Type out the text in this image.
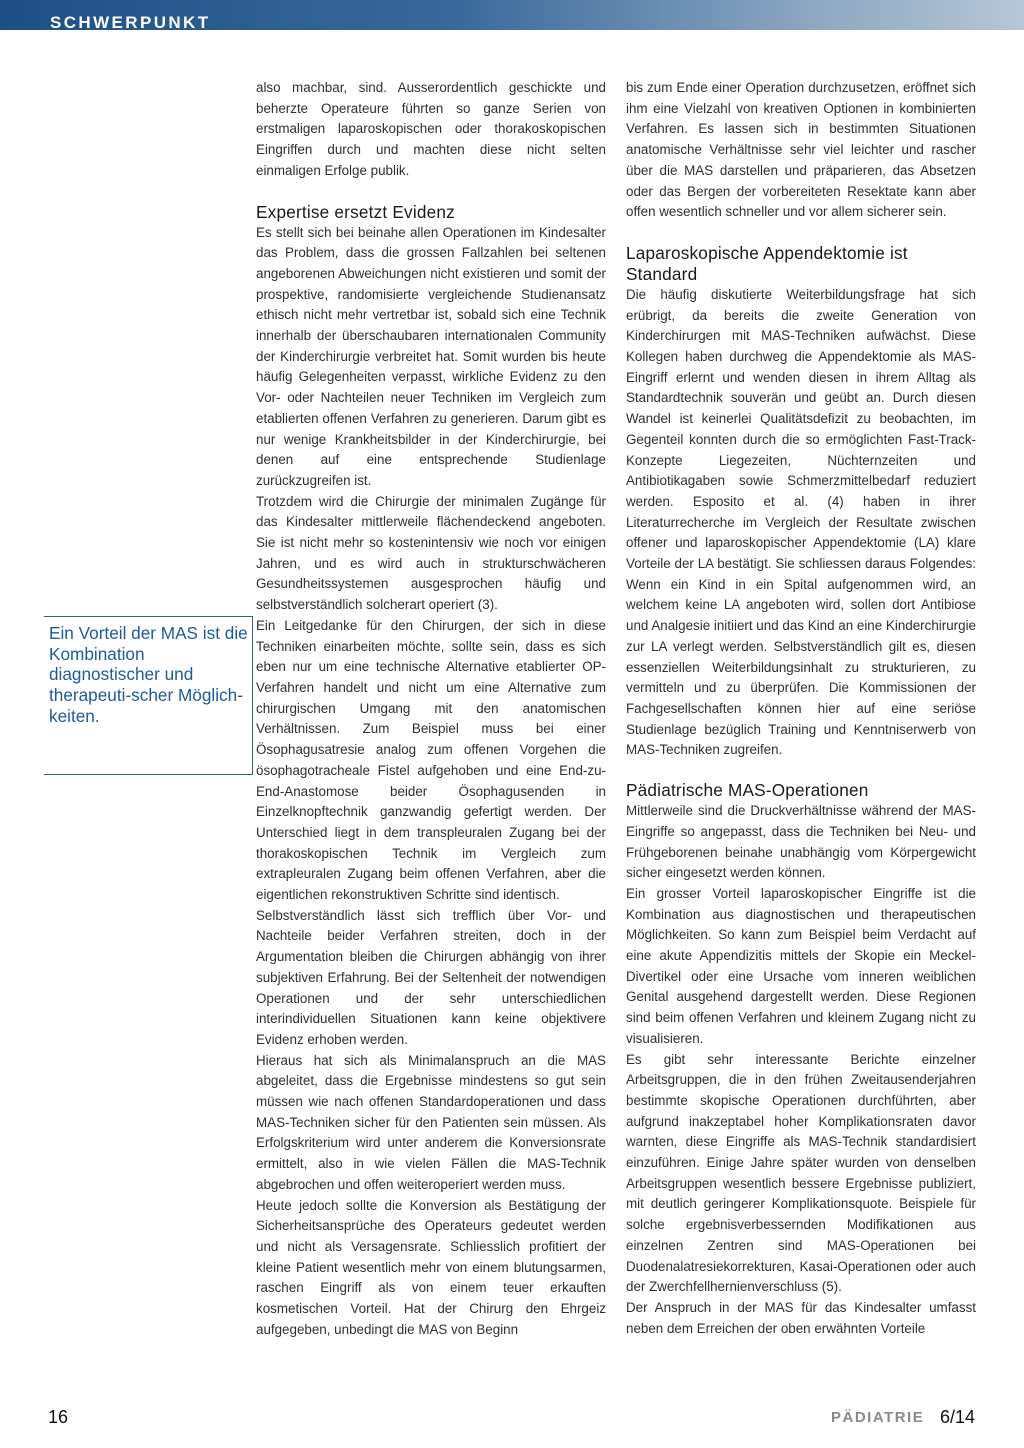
SCHWERPUNKT
Ein Vorteil der MAS ist die Kombination diagnostischer und therapeuti-scher Möglich-keiten.

also machbar, sind. Ausserordentlich geschickte und beherzte Operateure führten so ganze Serien von erstmaligen laparoskopischen oder thorakoskopischen Eingriffen durch und machten diese nicht selten einmaligen Erfolge publik.

Expertise ersetzt Evidenz

Es stellt sich bei beinahe allen Operationen im Kindesalter das Problem, dass die grossen Fallzahlen bei seltenen angeborenen Abweichungen nicht existieren und somit der prospektive, randomisierte vergleichende Studienansatz ethisch nicht mehr vertretbar ist, sobald sich eine Technik innerhalb der überschaubaren internationalen Community der Kinderchirurgie verbreitet hat. Somit wurden bis heute häufig Gelegenheiten verpasst, wirkliche Evidenz zu den Vor- oder Nachteilen neuer Techniken im Vergleich zum etablierten offenen Verfahren zu generieren. Darum gibt es nur wenige Krankheitsbilder in der Kinderchirurgie, bei denen auf eine entsprechende Studienlage zurückzugreifen ist.

Trotzdem wird die Chirurgie der minimalen Zugänge für das Kindesalter mittlerweile flächendeckend angeboten. Sie ist nicht mehr so kostenintensiv wie noch vor einigen Jahren, und es wird auch in strukturschwächeren Gesundheitssystemen ausgesprochen häufig und selbstverständlich solcherart operiert (3).

Ein Leitgedanke für den Chirurgen, der sich in diese Techniken einarbeiten möchte, sollte sein, dass es sich eben nur um eine technische Alternative etablierter OP-Verfahren handelt und nicht um eine Alternative zum chirurgischen Umgang mit den anatomischen Verhältnissen. Zum Beispiel muss bei einer Ösophagusatresie analog zum offenen Vorgehen die ösophagotracheale Fistel aufgehoben und eine End-zu-End-Anastomose beider Ösophagusenden in Einzelknopftechnik ganzwandig gefertigt werden. Der Unterschied liegt in dem transpleuralen Zugang bei der thorakoskopischen Technik im Vergleich zum extrapleuralen Zugang beim offenen Verfahren, aber die eigentlichen rekonstruktiven Schritte sind identisch.

Selbstverständlich lässt sich trefflich über Vor- und Nachteile beider Verfahren streiten, doch in der Argumentation bleiben die Chirurgen abhängig von ihrer subjektiven Erfahrung. Bei der Seltenheit der notwendigen Operationen und der sehr unterschiedlichen interindividuellen Situationen kann keine objektivere Evidenz erhoben werden.

Hieraus hat sich als Minimalanspruch an die MAS abgeleitet, dass die Ergebnisse mindestens so gut sein müssen wie nach offenen Standardoperationen und dass MAS-Techniken sicher für den Patienten sein müssen. Als Erfolgskriterium wird unter anderem die Konversionsrate ermittelt, also in wie vielen Fällen die MAS-Technik abgebrochen und offen weiteroperiert werden muss.

Heute jedoch sollte die Konversion als Bestätigung der Sicherheitsansprüche des Operateurs gedeutet werden und nicht als Versagensrate. Schliesslich profitiert der kleine Patient wesentlich mehr von einem blutungsarmen, raschen Eingriff als von einem teuer erkauften kosmetischen Vorteil. Hat der Chirurg den Ehrgeiz aufgegeben, unbedingt die MAS von Beginn

bis zum Ende einer Operation durchzusetzen, eröffnet sich ihm eine Vielzahl von kreativen Optionen in kombinierten Verfahren. Es lassen sich in bestimmten Situationen anatomische Verhältnisse sehr viel leichter und rascher über die MAS darstellen und präparieren, das Absetzen oder das Bergen der vorbereiteten Resektate kann aber offen wesentlich schneller und vor allem sicherer sein.

Laparoskopische Appendektomie ist Standard

Die häufig diskutierte Weiterbildungsfrage hat sich erübrigt, da bereits die zweite Generation von Kinderchirurgen mit MAS-Techniken aufwächst. Diese Kollegen haben durchweg die Appendektomie als MAS-Eingriff erlernt und wenden diesen in ihrem Alltag als Standardtechnik souverän und geübt an. Durch diesen Wandel ist keinerlei Qualitätsdefizit zu beobachten, im Gegenteil konnten durch die so ermöglichten Fast-Track-Konzepte Liegezeiten, Nüchternzeiten und Antibiotikagaben sowie Schmerzmittelbedarf reduziert werden. Esposito et al. (4) haben in ihrer Literaturrecherche im Vergleich der Resultate zwischen offener und laparoskopischer Appendektomie (LA) klare Vorteile der LA bestätigt. Sie schliessen daraus Folgendes: Wenn ein Kind in ein Spital aufgenommen wird, an welchem keine LA angeboten wird, sollen dort Antibiose und Analgesie initiiert und das Kind an eine Kinderchirurgie zur LA verlegt werden. Selbstverständlich gilt es, diesen essenziellen Weiterbildungsinhalt zu strukturieren, zu vermitteln und zu überprüfen. Die Kommissionen der Fachgesellschaften können hier auf eine seriöse Studienlage bezüglich Training und Kenntniserwerb von MAS-Techniken zugreifen.

Pädiatrische MAS-Operationen

Mittlerweile sind die Druckverhältnisse während der MAS-Eingriffe so angepasst, dass die Techniken bei Neu- und Frühgeborenen beinahe unabhängig vom Körpergewicht sicher eingesetzt werden können.

Ein grosser Vorteil laparoskopischer Eingriffe ist die Kombination aus diagnostischen und therapeutischen Möglichkeiten. So kann zum Beispiel beim Verdacht auf eine akute Appendizitis mittels der Skopie ein Meckel-Divertikel oder eine Ursache vom inneren weiblichen Genital ausgehend dargestellt werden. Diese Regionen sind beim offenen Verfahren und kleinem Zugang nicht zu visualisieren.

Es gibt sehr interessante Berichte einzelner Arbeitsgruppen, die in den frühen Zweitausenderjahren bestimmte skopische Operationen durchführten, aber aufgrund inakzeptabel hoher Komplikationsraten davor warnten, diese Eingriffe als MAS-Technik standardisiert einzuführen. Einige Jahre später wurden von denselben Arbeitsgruppen wesentlich bessere Ergebnisse publiziert, mit deutlich geringerer Komplikationsquote. Beispiele für solche ergebnisverbessernden Modifikationen aus einzelnen Zentren sind MAS-Operationen bei Duodenalatresiekorrekturen, Kasai-Operationen oder auch der Zwerchfellhernienverschluss (5).

Der Anspruch in der MAS für das Kindesalter umfasst neben dem Erreichen der oben erwähnten Vorteile

16	PÄDIATRIE 6/14
